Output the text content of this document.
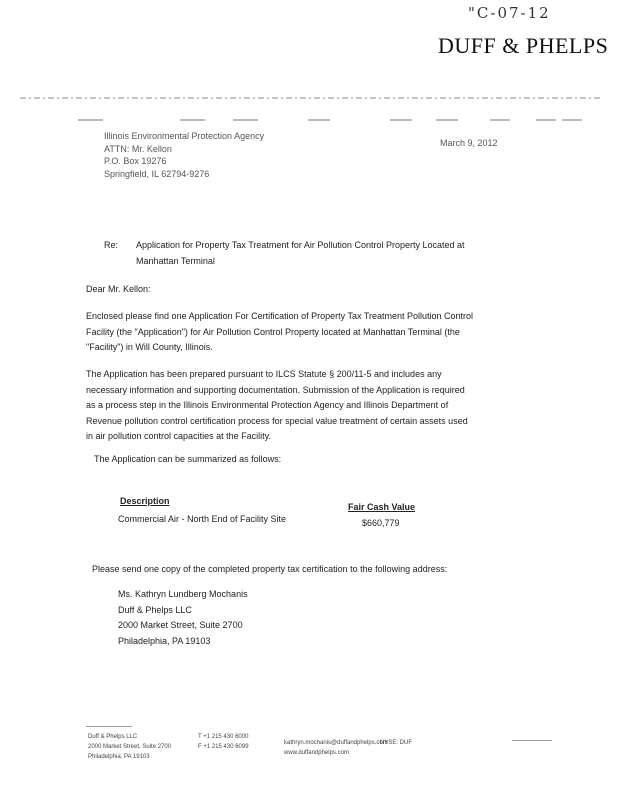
"C-07-12
DUFF & PHELPS
Illinois Environmental Protection Agency
ATTN: Mr. Kellon
P.O. Box 19276
Springfield, IL 62794-9276
March 9, 2012
Re: Application for Property Tax Treatment for Air Pollution Control Property Located at
Manhattan Terminal
Dear Mr. Kellon:
Enclosed please find one Application For Certification of Property Tax Treatment Pollution Control
Facility (the "Application") for Air Pollution Control Property located at Manhattan Terminal (the
"Facility") in Will County, Illinois.
The Application has been prepared pursuant to ILCS Statute § 200/11-5 and includes any
necessary information and supporting documentation. Submission of the Application is required
as a process step in the Illinois Environmental Protection Agency and Illinois Department of
Revenue pollution control certification process for special value treatment of certain assets used
in air pollution control capacities at the Facility.
The Application can be summarized as follows:
Description
Fair Cash Value
Commercial Air - North End of Facility Site	$660,779
Please send one copy of the completed property tax certification to the following address:
Ms. Kathryn Lundberg Mochanis
Duff & Phelps LLC
2000 Market Street, Suite 2700
Philadelphia, PA 19103
Duff & Phelps LLC
2000 Market Street, Suite 2700
Philadelphia, PA 19103
T +1 215 430 6000
F +1 215 430 6099
kathryn.mochanis@duffandphelps.com
www.duffandphelps.com
NYSE: DUF
